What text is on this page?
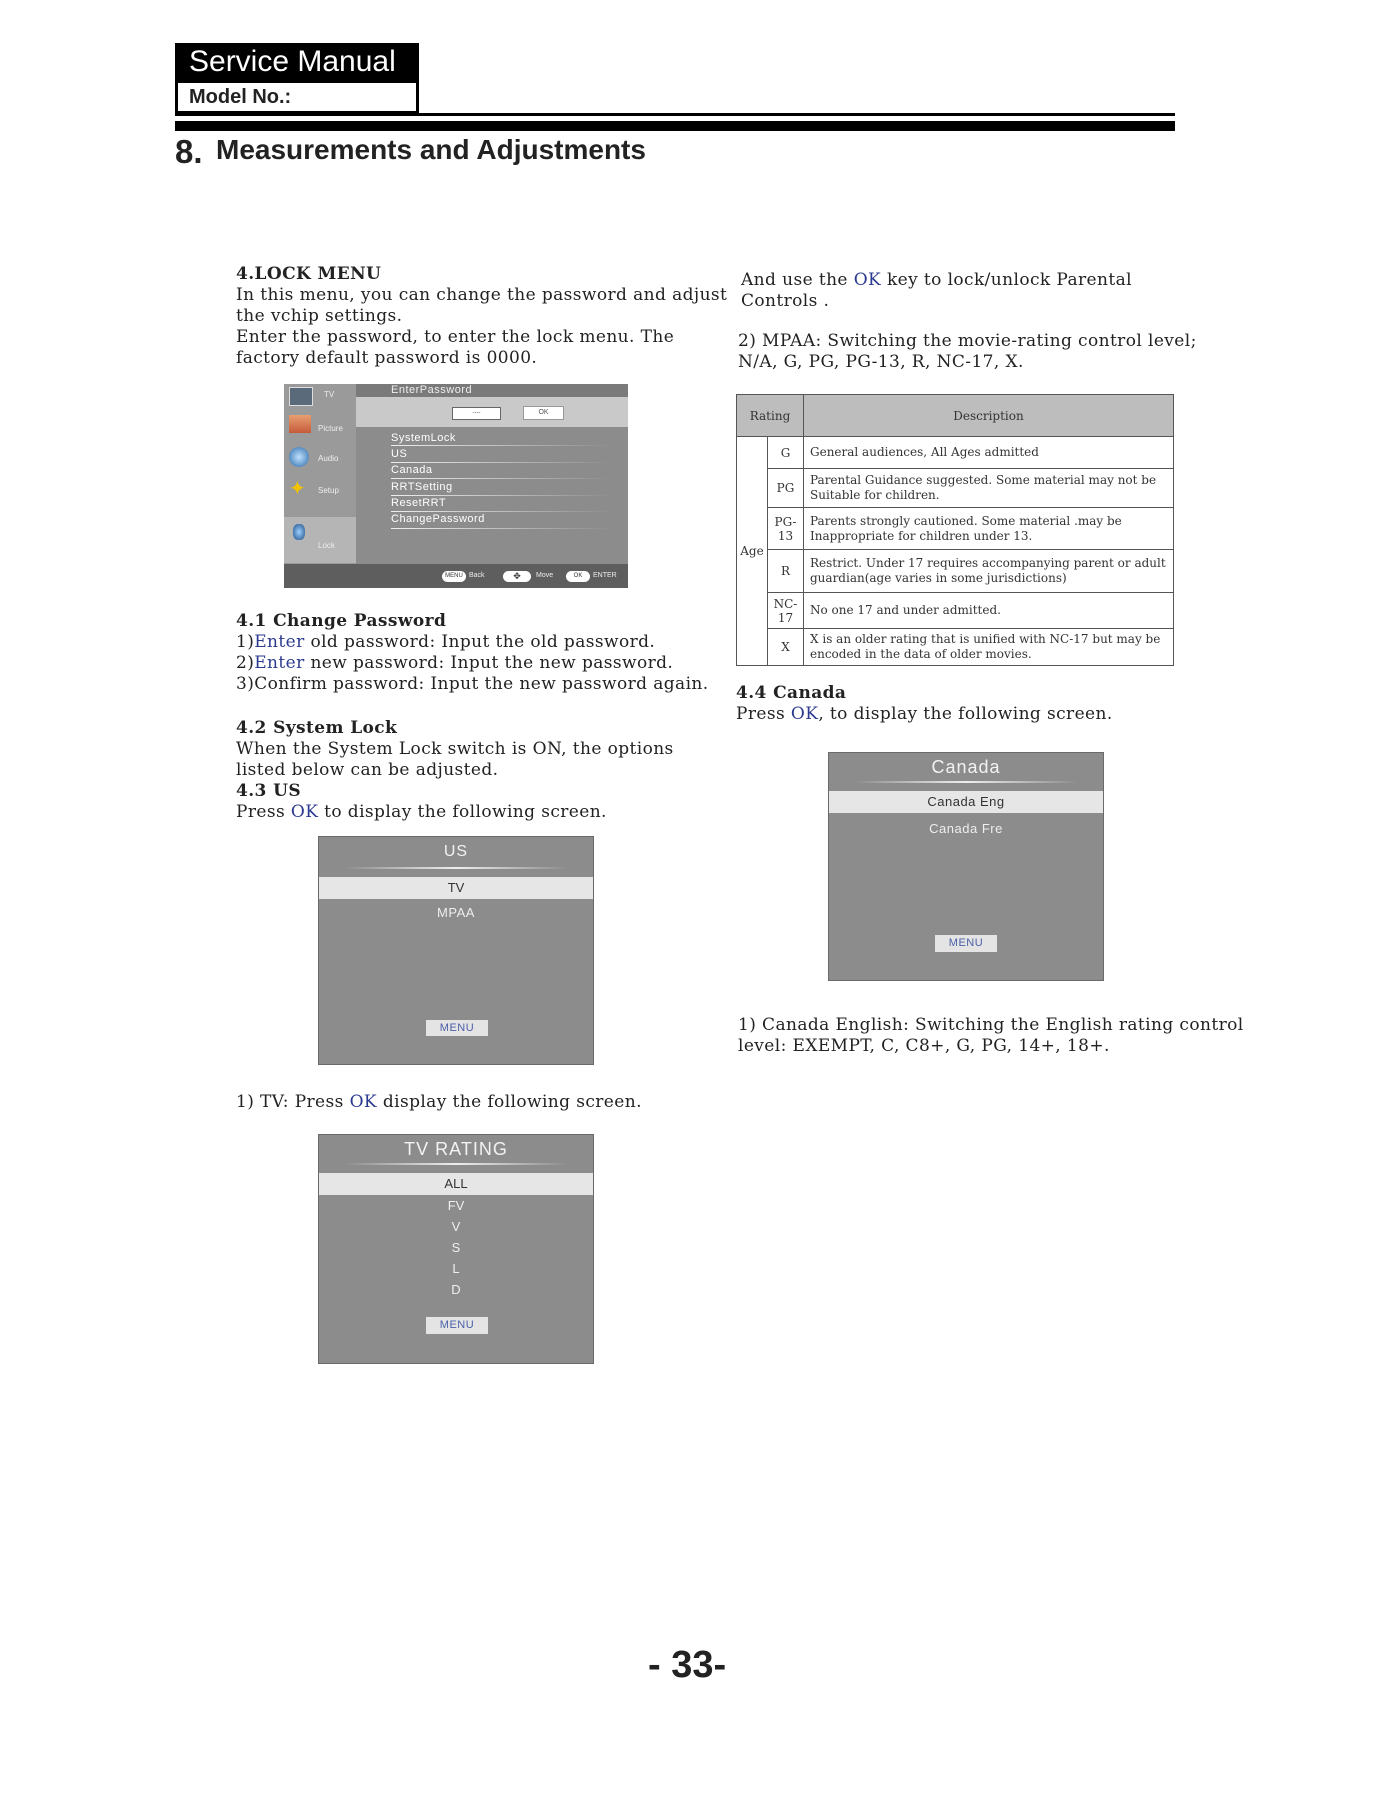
Service Manual
Model No.:
8. Measurements and Adjustments
4.LOCK MENU
In this menu, you can change the password and adjust
the vchip settings.
Enter the password, to enter the lock menu. The
factory default password is 0000.
TV
Picture
Audio
✦ Setup
Lock
EnterPassword
----	OK
SystemLock
US
Canada
RRTSetting
ResetRRT
ChangePassword
MENU Back	✥	Move	OK	ENTER
4.1 Change Password
1)Enter old password: Input the old password.
2)Enter new password: Input the new password.
3)Confirm password: Input the new password again.
4.2 System Lock
When the System Lock switch is ON, the options
listed below can be adjusted.
4.3 US
Press OK to display the following screen.
US
TV
MPAA
MENU
1) TV: Press OK display the following screen.
TV RATING
ALL
FV
V
S
L
D
MENU
And use the OK key to lock/unlock Parental
Controls .
2) MPAA: Switching the movie-rating control level;
N/A, G, PG, PG-13, R, NC-17, X.
Rating		Description
Age	G	General audiences, All Ages admitted
	PG	Parental Guidance suggested. Some material may not be
Suitable for children.
	PG-13	Parents strongly cautioned. Some material .may be
Inappropriate for children under 13.
	R	Restrict. Under 17 requires accompanying parent or adult
guardian(age varies in some jurisdictions)
	NC-17	No one 17 and under admitted.
	X	X is an older rating that is unified with NC-17 but may be
encoded in the data of older movies.
4.4 Canada
Press OK, to display the following screen.
Canada
Canada Eng
Canada Fre
MENU
1) Canada English: Switching the English rating control
level: EXEMPT, C, C8+, G, PG, 14+, 18+.
- 33-
